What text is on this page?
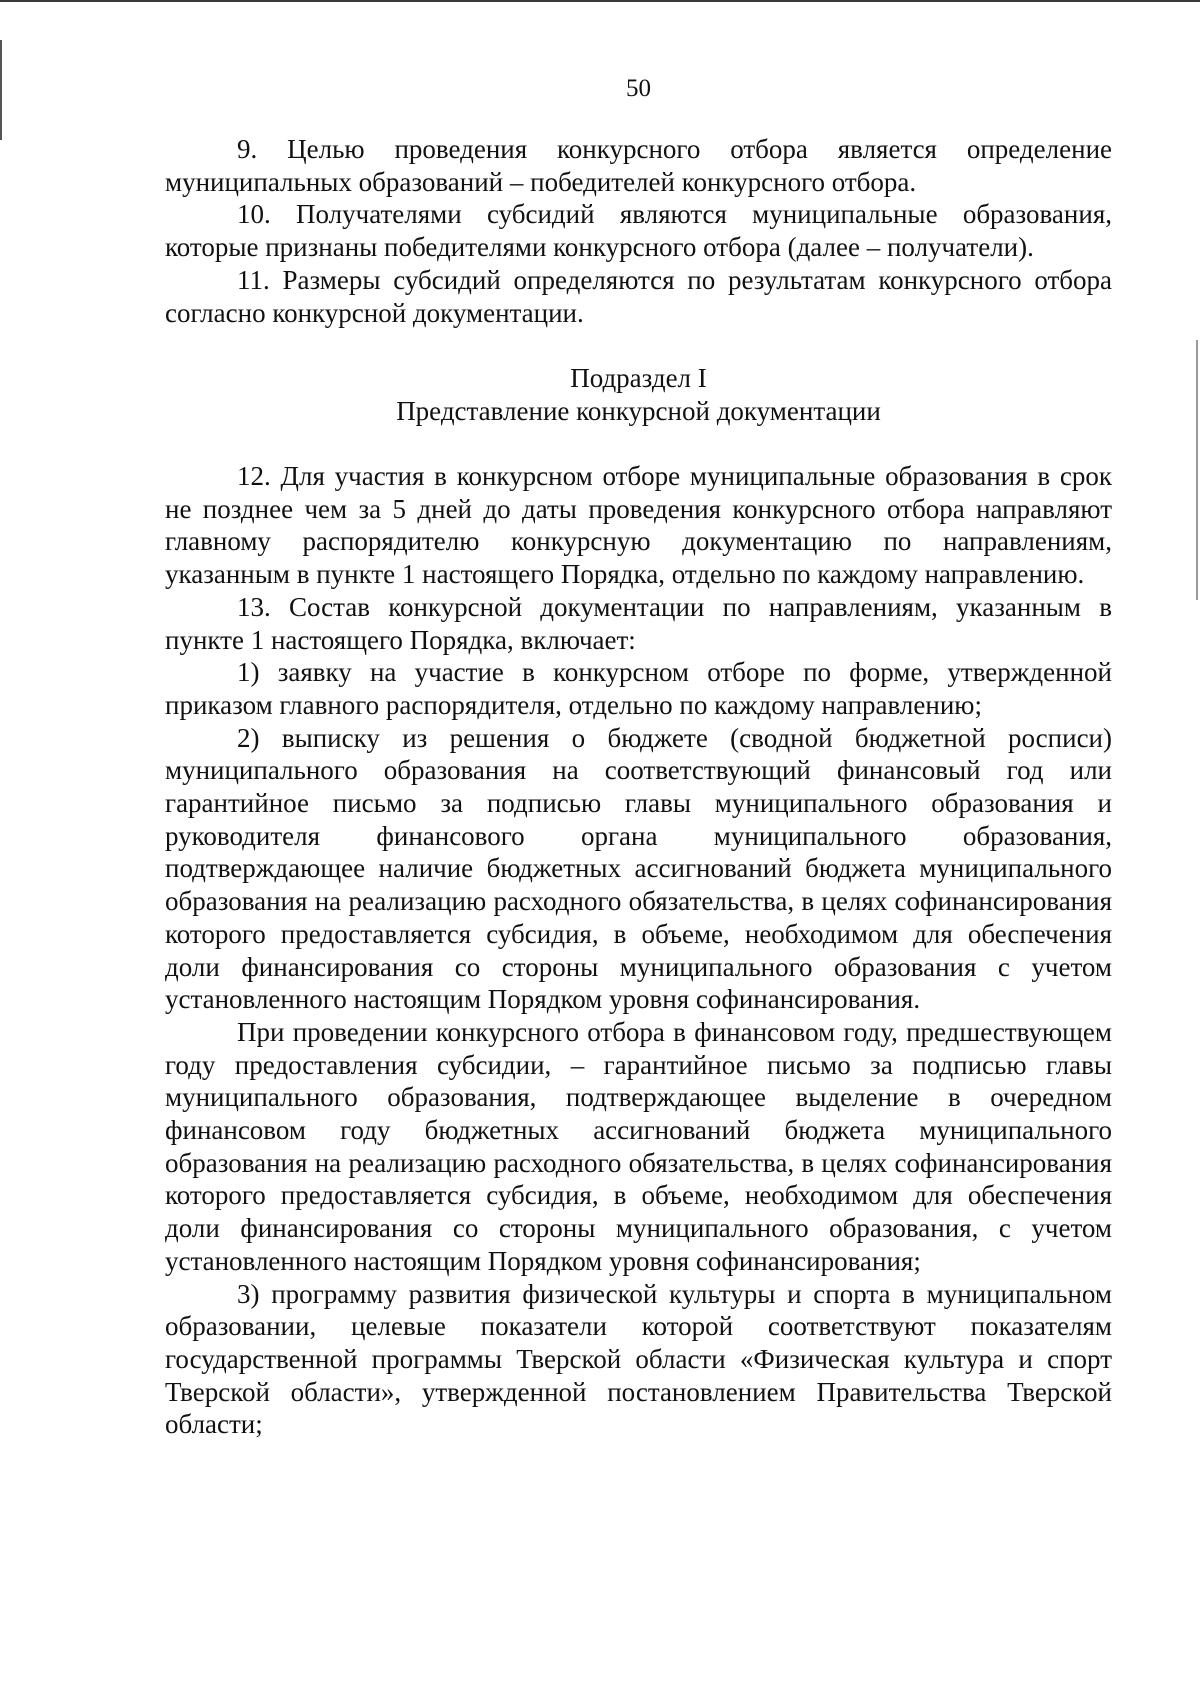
50

9. Целью проведения конкурсного отбора является определение муниципальных образований – победителей конкурсного отбора.

10. Получателями субсидий являются муниципальные образования, которые признаны победителями конкурсного отбора (далее – получатели).

11. Размеры субсидий определяются по результатам конкурсного отбора согласно конкурсной документации.

Подраздел I

Представление конкурсной документации

12. Для участия в конкурсном отборе муниципальные образования в срок не позднее чем за 5 дней до даты проведения конкурсного отбора направляют главному распорядителю конкурсную документацию по направлениям, указанным в пункте 1 настоящего Порядка, отдельно по каждому направлению.

13. Состав конкурсной документации по направлениям, указанным в пункте 1 настоящего Порядка, включает:

1) заявку на участие в конкурсном отборе по форме, утвержденной приказом главного распорядителя, отдельно по каждому направлению;

2) выписку из решения о бюджете (сводной бюджетной росписи) муниципального образования на соответствующий финансовый год или гарантийное письмо за подписью главы муниципального образования и руководителя финансового органа муниципального образования, подтверждающее наличие бюджетных ассигнований бюджета муниципального образования на реализацию расходного обязательства, в целях софинансирования которого предоставляется субсидия, в объеме, необходимом для обеспечения доли финансирования со стороны муниципального образования с учетом установленного настоящим Порядком уровня софинансирования.

При проведении конкурсного отбора в финансовом году, предшествующем году предоставления субсидии, – гарантийное письмо за подписью главы муниципального образования, подтверждающее выделение в очередном финансовом году бюджетных ассигнований бюджета муниципального образования на реализацию расходного обязательства, в целях софинансирования которого предоставляется субсидия, в объеме, необходимом для обеспечения доли финансирования со стороны муниципального образования, с учетом установленного настоящим Порядком уровня софинансирования;

3) программу развития физической культуры и спорта в муниципальном образовании, целевые показатели которой соответствуют показателям государственной программы Тверской области «Физическая культура и спорт Тверской области», утвержденной постановлением Правительства Тверской области;
